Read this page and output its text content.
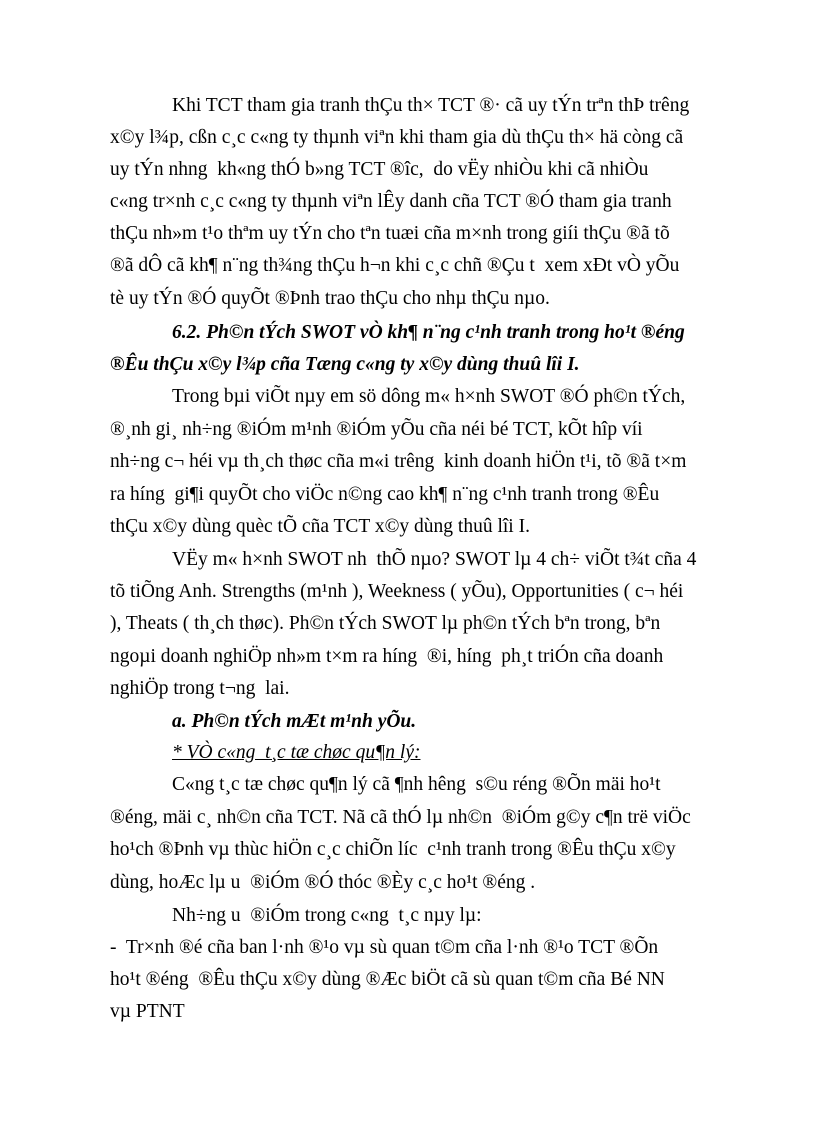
Khi TCT tham gia tranh thÇu th× TCT ®· cã uy tÝn trªn thÞ trêng
x©y l¾p, cßn c¸c c«ng ty thµnh viªn khi tham gia dù thÇu th× hä còng cã
uy tÝn nhng  kh«ng thÓ b»ng TCT ®îc,  do vËy nhiÒu khi cã nhiÒu
c«ng tr×nh c¸c c«ng ty thµnh viªn lÊy danh cña TCT ®Ó tham gia tranh
thÇu nh»m t¹o thªm uy tÝn cho tªn tuæi cña m×nh trong giíi thÇu ®ã tõ
®ã dÔ cã kh¶ n¨ng th¾ng thÇu h¬n khi c¸c chñ ®Çu t  xem xÐt vÒ yÕu
tè uy tÝn ®Ó quyÕt ®Þnh trao thÇu cho nhµ thÇu nµo.
6.2. Ph©n tÝch SWOT vÒ kh¶ n¨ng c¹nh tranh trong ho¹t ®éng
®Êu thÇu x©y l¾p cña Tæng c«ng ty x©y dùng thuû lîi I.
Trong bµi viÕt nµy em sö dông m« h×nh SWOT ®Ó ph©n tÝch,
®¸nh gi¸ nh÷ng ®iÓm m¹nh ®iÓm yÕu cña néi bé TCT, kÕt hîp víi
nh÷ng c¬ héi vµ th¸ch thøc cña m«i trêng  kinh doanh hiÖn t¹i, tõ ®ã t×m
ra híng  gi¶i quyÕt cho viÖc n©ng cao kh¶ n¨ng c¹nh tranh trong ®Êu
thÇu x©y dùng quèc tÕ cña TCT x©y dùng thuû lîi I.
VËy m« h×nh SWOT nh  thÕ nµo? SWOT lµ 4 ch÷ viÕt t¾t cña 4
tõ tiÕng Anh. Strengths (m¹nh ), Weekness ( yÕu), Opportunities ( c¬ héi
), Theats ( th¸ch thøc). Ph©n tÝch SWOT lµ ph©n tÝch bªn trong, bªn
ngoµi doanh nghiÖp nh»m t×m ra híng  ®i, híng  ph¸t triÓn cña doanh
nghiÖp trong t¬ng  lai.
a. Ph©n tÝch mÆt m¹nh yÕu.
* VÒ c«ng  t¸c tæ chøc qu¶n lý:
C«ng t¸c tæ chøc qu¶n lý cã ¶nh hêng  s©u réng ®Õn mäi ho¹t
®éng, mäi c¸ nh©n cña TCT. Nã cã thÓ lµ nh©n  ®iÓm g©y c¶n trë viÖc
ho¹ch ®Þnh vµ thùc hiÖn c¸c chiÕn líc  c¹nh tranh trong ®Êu thÇu x©y
dùng, hoÆc lµ u  ®iÓm ®Ó thóc ®Èy c¸c ho¹t ®éng .
Nh÷ng u  ®iÓm trong c«ng  t¸c nµy lµ:
-  Tr×nh ®é cña ban l·nh ®¹o vµ sù quan t©m cña l·nh ®¹o TCT ®Õn
ho¹t ®éng  ®Êu thÇu x©y dùng ®Æc biÖt cã sù quan t©m cña Bé NN
vµ PTNT
